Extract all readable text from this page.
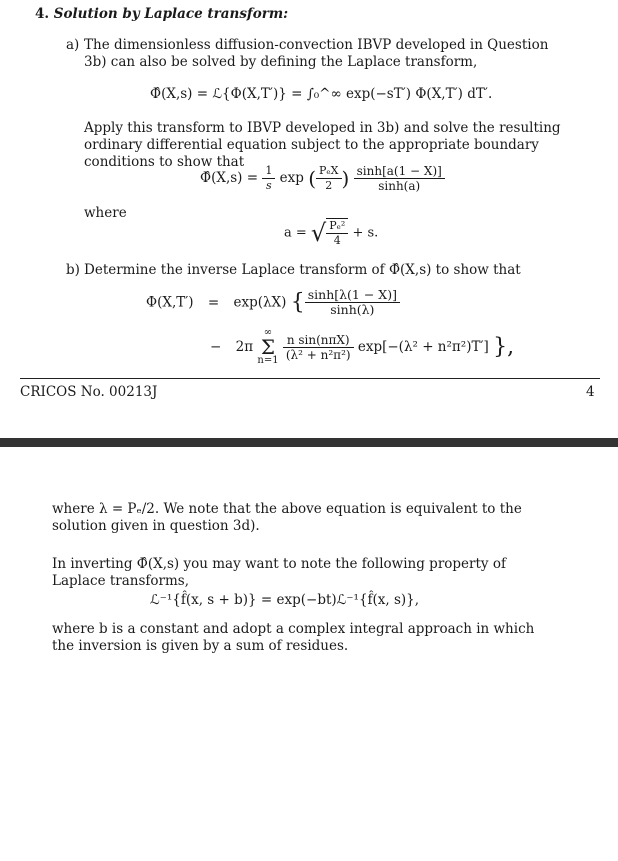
4. Solution by Laplace transform:
a) The dimensionless diffusion-convection IBVP developed in Question 3b) can also be solved by defining the Laplace transform,
Φ̂(X,s) = ℒ{Φ(X,T′)} = ∫₀^∞ exp(−sT′) Φ(X,T′) dT′.
Apply this transform to IBVP developed in 3b) and solve the resulting ordinary differential equation subject to the appropriate boundary conditions to show that
Φ̂(X,s) = $\frac{1}{s}$ exp ( $\frac{\text{PₑX}}{2}$ ) $\frac{\sinh[a(1 - X)]}{\sinh(a)}$
where
a = √ $\frac{\text{Pₑ²}}{4} + s$.
b) Determine the inverse Laplace transform of Φ̂(X,s) to show that
Φ(X,T′) = exp(λX) { $\frac{\sinh[\lambda(1 - X)]}{\sinh(\lambda)}$
− 2π
∞
Σ
n=1
$\frac{\text{n sin(nπX)}}{\text{(λ² + n²π²)}} \exp[-(\lambda^2 + n^2\pi^2)T']$ },
CRICOS No. 00213J	4
where λ = Pₑ/2. We note that the above equation is equivalent to the solution given in question 3d).
In inverting Φ̂(X,s) you may want to note the following property of Laplace transforms,
ℒ⁻¹{f̂(x, s + b)} = exp(−bt)ℒ⁻¹{f̂(x, s)},
where b is a constant and adopt a complex integral approach in which the inversion is given by a sum of residues.
